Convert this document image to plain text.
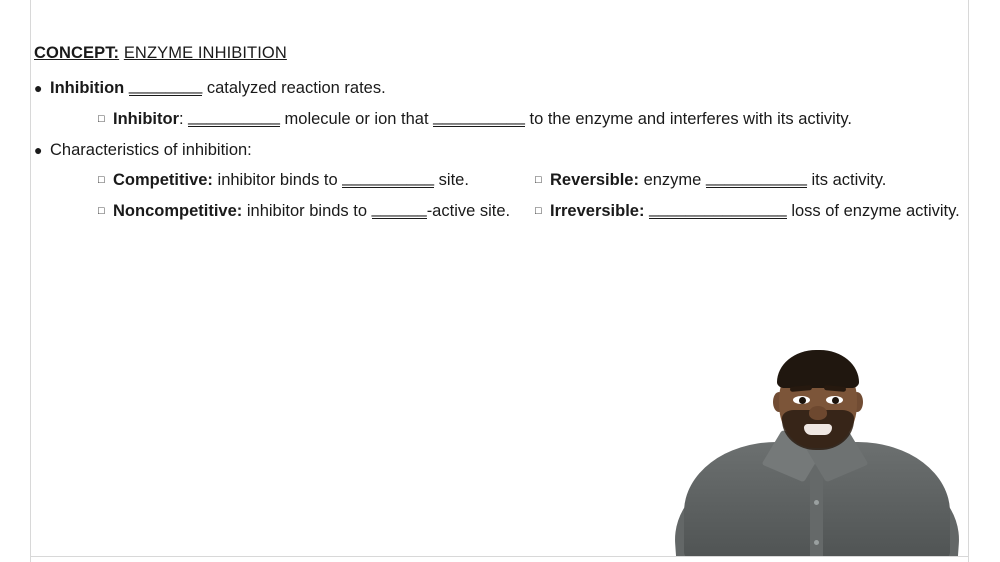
CONCEPT: ENZYME INHIBITION
● Inhibition ________ catalyzed reaction rates.
□ Inhibitor: __________ molecule or ion that __________ to the enzyme and interferes with its activity.
● Characteristics of inhibition:
□ Competitive: inhibitor binds to __________ site.	□ Reversible: enzyme ___________ its activity.
□ Noncompetitive: inhibitor binds to ______-active site. □ Irreversible: _______________ loss of enzyme activity.
